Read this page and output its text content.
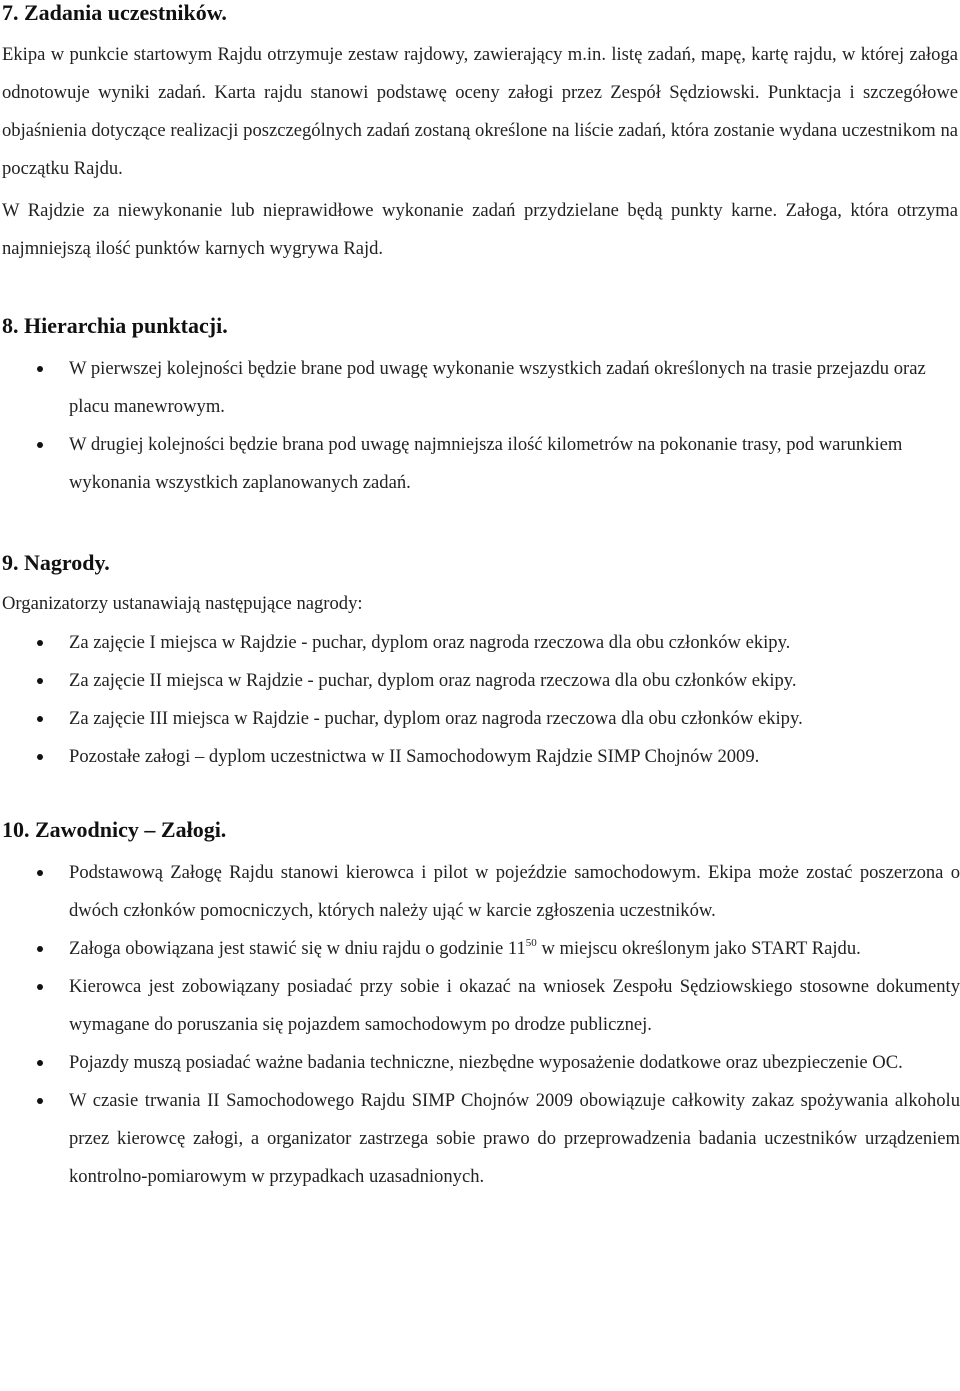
7. Zadania uczestników.

Ekipa w punkcie startowym Rajdu otrzymuje zestaw rajdowy, zawierający m.in. listę zadań, mapę, kartę rajdu, w której załoga odnotowuje wyniki zadań. Karta rajdu stanowi podstawę oceny załogi przez Zespół Sędziowski. Punktacja i szczegółowe objaśnienia dotyczące realizacji poszczególnych zadań zostaną określone na liście zadań, która zostanie wydana uczestnikom na początku Rajdu.

W Rajdzie za niewykonanie lub nieprawidłowe wykonanie zadań przydzielane będą punkty karne. Załoga, która otrzyma najmniejszą ilość punktów karnych wygrywa Rajd.

8. Hierarchia punktacji.
W pierwszej kolejności będzie brane pod uwagę wykonanie wszystkich zadań określonych na trasie przejazdu oraz placu manewrowym.
W drugiej kolejności będzie brana pod uwagę najmniejsza ilość kilometrów na pokonanie trasy, pod warunkiem wykonania wszystkich zaplanowanych zadań.
9. Nagrody.

Organizatorzy ustanawiają następujące nagrody:

Za zajęcie I miejsca w Rajdzie - puchar, dyplom oraz nagroda rzeczowa dla obu członków ekipy.
Za zajęcie II miejsca w Rajdzie - puchar, dyplom oraz nagroda rzeczowa dla obu członków ekipy.
Za zajęcie III miejsca w Rajdzie - puchar, dyplom oraz nagroda rzeczowa dla obu członków ekipy.
Pozostałe załogi – dyplom uczestnictwa w II Samochodowym Rajdzie SIMP Chojnów 2009.
10. Zawodnicy – Załogi.
Podstawową Załogę Rajdu stanowi kierowca i pilot w pojeździe samochodowym. Ekipa może zostać poszerzona o dwóch członków pomocniczych, których należy ująć w karcie zgłoszenia uczestników.
Załoga obowiązana jest stawić się w dniu rajdu o godzinie $11^{50}$ w miejscu określonym jako START Rajdu.
Kierowca jest zobowiązany posiadać przy sobie i okazać na wniosek Zespołu Sędziowskiego stosowne dokumenty wymagane do poruszania się pojazdem samochodowym po drodze publicznej.
Pojazdy muszą posiadać ważne badania techniczne, niezbędne wyposażenie dodatkowe oraz ubezpieczenie OC.
W czasie trwania II Samochodowego Rajdu SIMP Chojnów 2009 obowiązuje całkowity zakaz spożywania alkoholu przez kierowcę załogi, a organizator zastrzega sobie prawo do przeprowadzenia badania uczestników urządzeniem kontrolno-pomiarowym w przypadkach uzasadnionych.
